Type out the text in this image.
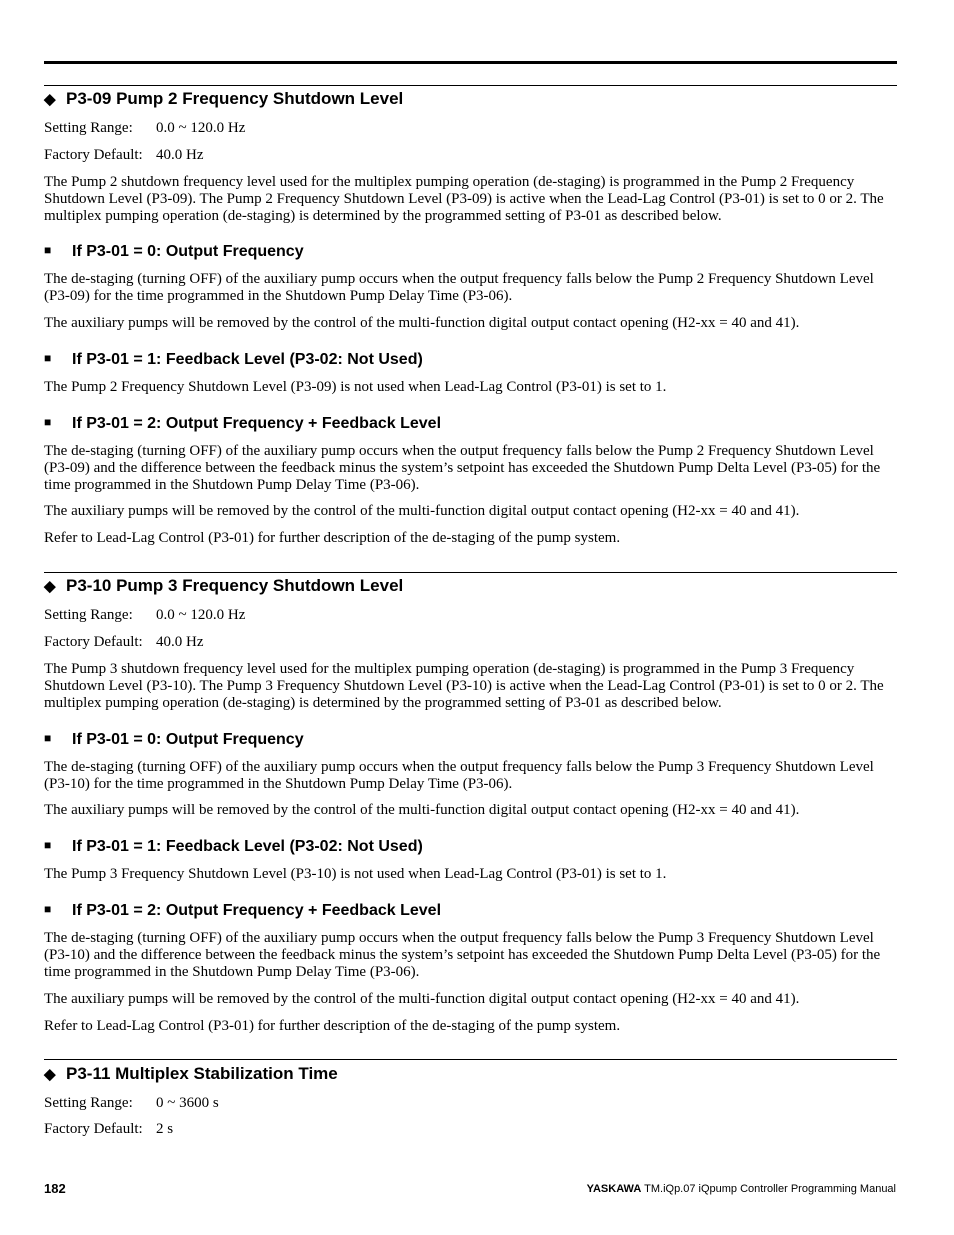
◆ P3-09 Pump 2 Frequency Shutdown Level
Setting Range: 0.0 ~ 120.0 Hz
Factory Default: 40.0 Hz
The Pump 2 shutdown frequency level used for the multiplex pumping operation (de-staging) is programmed in the Pump 2 Frequency Shutdown Level (P3-09). The Pump 2 Frequency Shutdown Level (P3-09) is active when the Lead-Lag Control (P3-01) is set to 0 or 2. The multiplex pumping operation (de-staging) is determined by the programmed setting of P3-01 as described below.
■ If P3-01 = 0: Output Frequency
The de-staging (turning OFF) of the auxiliary pump occurs when the output frequency falls below the Pump 2 Frequency Shutdown Level (P3-09) for the time programmed in the Shutdown Pump Delay Time (P3-06).
The auxiliary pumps will be removed by the control of the multi-function digital output contact opening (H2-xx = 40 and 41).
■ If P3-01 = 1: Feedback Level (P3-02: Not Used)
The Pump 2 Frequency Shutdown Level (P3-09) is not used when Lead-Lag Control (P3-01) is set to 1.
■ If P3-01 = 2: Output Frequency + Feedback Level
The de-staging (turning OFF) of the auxiliary pump occurs when the output frequency falls below the Pump 2 Frequency Shutdown Level (P3-09) and the difference between the feedback minus the system’s setpoint has exceeded the Shutdown Pump Delta Level (P3-05) for the time programmed in the Shutdown Pump Delay Time (P3-06).
The auxiliary pumps will be removed by the control of the multi-function digital output contact opening (H2-xx = 40 and 41).
Refer to Lead-Lag Control (P3-01) for further description of the de-staging of the pump system.
◆ P3-10 Pump 3 Frequency Shutdown Level
Setting Range: 0.0 ~ 120.0 Hz
Factory Default: 40.0 Hz
The Pump 3 shutdown frequency level used for the multiplex pumping operation (de-staging) is programmed in the Pump 3 Frequency Shutdown Level (P3-10). The Pump 3 Frequency Shutdown Level (P3-10) is active when the Lead-Lag Control (P3-01) is set to 0 or 2. The multiplex pumping operation (de-staging) is determined by the programmed setting of P3-01 as described below.
■ If P3-01 = 0: Output Frequency
The de-staging (turning OFF) of the auxiliary pump occurs when the output frequency falls below the Pump 3 Frequency Shutdown Level (P3-10) for the time programmed in the Shutdown Pump Delay Time (P3-06).
The auxiliary pumps will be removed by the control of the multi-function digital output contact opening (H2-xx = 40 and 41).
■ If P3-01 = 1: Feedback Level (P3-02: Not Used)
The Pump 3 Frequency Shutdown Level (P3-10) is not used when Lead-Lag Control (P3-01) is set to 1.
■ If P3-01 = 2: Output Frequency + Feedback Level
The de-staging (turning OFF) of the auxiliary pump occurs when the output frequency falls below the Pump 3 Frequency Shutdown Level (P3-10) and the difference between the feedback minus the system’s setpoint has exceeded the Shutdown Pump Delta Level (P3-05) for the time programmed in the Shutdown Pump Delay Time (P3-06).
The auxiliary pumps will be removed by the control of the multi-function digital output contact opening (H2-xx = 40 and 41).
Refer to Lead-Lag Control (P3-01) for further description of the de-staging of the pump system.
◆ P3-11 Multiplex Stabilization Time
Setting Range: 0 ~ 3600 s
Factory Default: 2 s
182	YASKAWA TM.iQp.07 iQpump Controller Programming Manual
